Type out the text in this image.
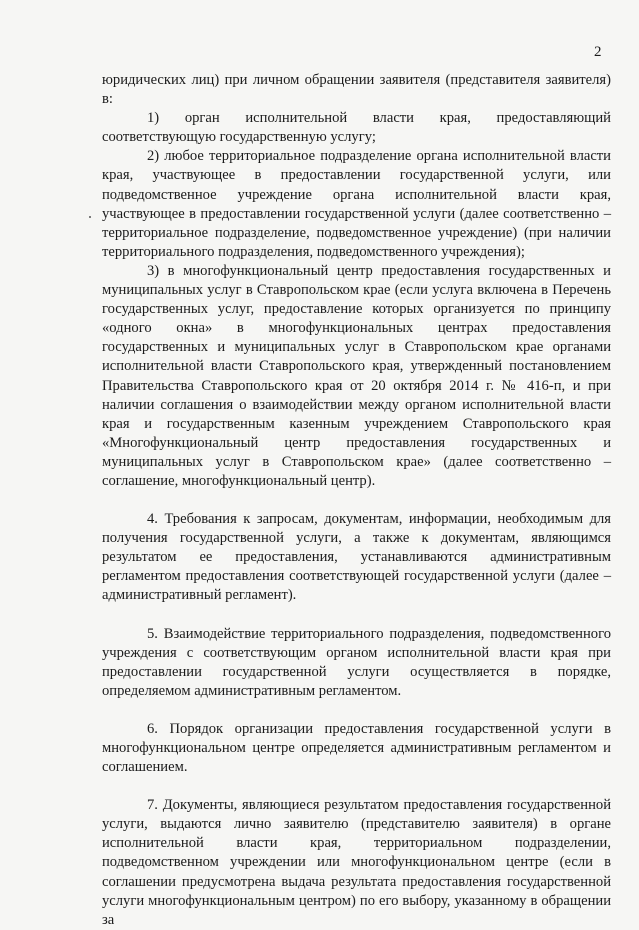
2

юридических лиц) при личном обращении заявителя (представителя заявителя) в:

1) орган исполнительной власти края, предоставляющий соответствующую государственную услугу;

2) любое территориальное подразделение органа исполнительной власти края, участвующее в предоставлении государственной услуги, или подведомственное учреждение органа исполнительной власти края, участвующее в предоставлении государственной услуги (далее соответственно – территориальное подразделение, подведомственное учреждение) (при наличии территориального подразделения, подведомственного учреждения);

3) в многофункциональный центр предоставления государственных и муниципальных услуг в Ставропольском крае (если услуга включена в Перечень государственных услуг, предоставление которых организуется по принципу «одного окна» в многофункциональных центрах предоставления государственных и муниципальных услуг в Ставропольском крае органами исполнительной власти Ставропольского края, утвержденный постановлением Правительства Ставропольского края от 20 октября 2014 г. № 416-п, и при наличии соглашения о взаимодействии между органом исполнительной власти края и государственным казенным учреждением Ставропольского края «Многофункциональный центр предоставления государственных и муниципальных услуг в Ставропольском крае» (далее соответственно – соглашение, многофункциональный центр).

4. Требования к запросам, документам, информации, необходимым для получения государственной услуги, а также к документам, являющимся результатом ее предоставления, устанавливаются административным регламентом предоставления соответствующей государственной услуги (далее – административный регламент).

5. Взаимодействие территориального подразделения, подведомственного учреждения с соответствующим органом исполнительной власти края при предоставлении государственной услуги осуществляется в порядке, определяемом административным регламентом.

6. Порядок организации предоставления государственной услуги в многофункциональном центре определяется административным регламентом и соглашением.

7. Документы, являющиеся результатом предоставления государственной услуги, выдаются лично заявителю (представителю заявителя) в органе исполнительной власти края, территориальном подразделении, подведомственном учреждении или многофункциональном центре (если в соглашении предусмотрена выдача результата предоставления государственной услуги многофункциональным центром) по его выбору, указанному в обращении за
